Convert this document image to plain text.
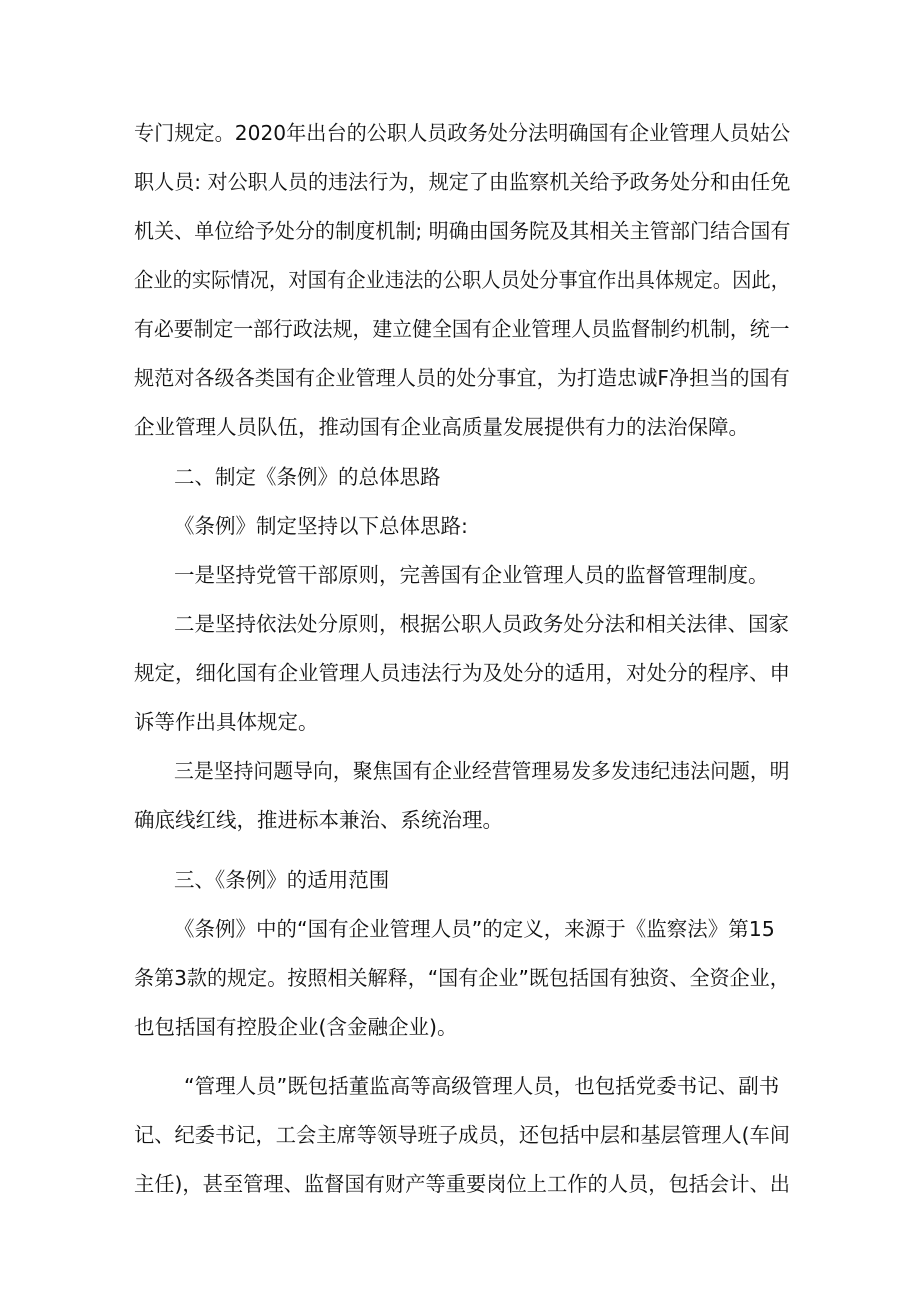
专门规定。2020年出台的公职人员政务处分法明确国有企业管理人员姑公
职人员: 对公职人员的违法行为，规定了由监察机关给予政务处分和由任免
机关、单位给予处分的制度机制; 明确由国务院及其相关主管部门结合国有
企业的实际情况，对国有企业违法的公职人员处分事宜作出具体规定。因此，
有必要制定一部行政法规，建立健全国有企业管理人员监督制约机制，统一
规范对各级各类国有企业管理人员的处分事宜，为打造忠诚F净担当的国有
企业管理人员队伍，推动国有企业高质量发展提供有力的法治保障。
二、制定《条例》的总体思路
《条例》制定坚持以下总体思路:
一是坚持党管干部原则，完善国有企业管理人员的监督管理制度。
二是坚持依法处分原则，根据公职人员政务处分法和相关法律、国家
规定，细化国有企业管理人员违法行为及处分的适用，对处分的程序、申
诉等作出具体规定。
三是坚持问题导向，聚焦国有企业经营管理易发多发违纪违法问题，明
确底线红线，推进标本兼治、系统治理。
三、《条例》的适用范围
《条例》中的“国有企业管理人员”的定义，来源于《监察法》第15
条第3款的规定。按照相关解释，“国有企业”既包括国有独资、全资企业，
也包括国有控股企业(含金融企业)。
“管理人员”既包括董监高等高级管理人员，也包括党委书记、副书
记、纪委书记，工会主席等领导班子成员，还包括中层和基层管理人(车间
主任)，甚至管理、监督国有财产等重要岗位上工作的人员，包括会计、出
